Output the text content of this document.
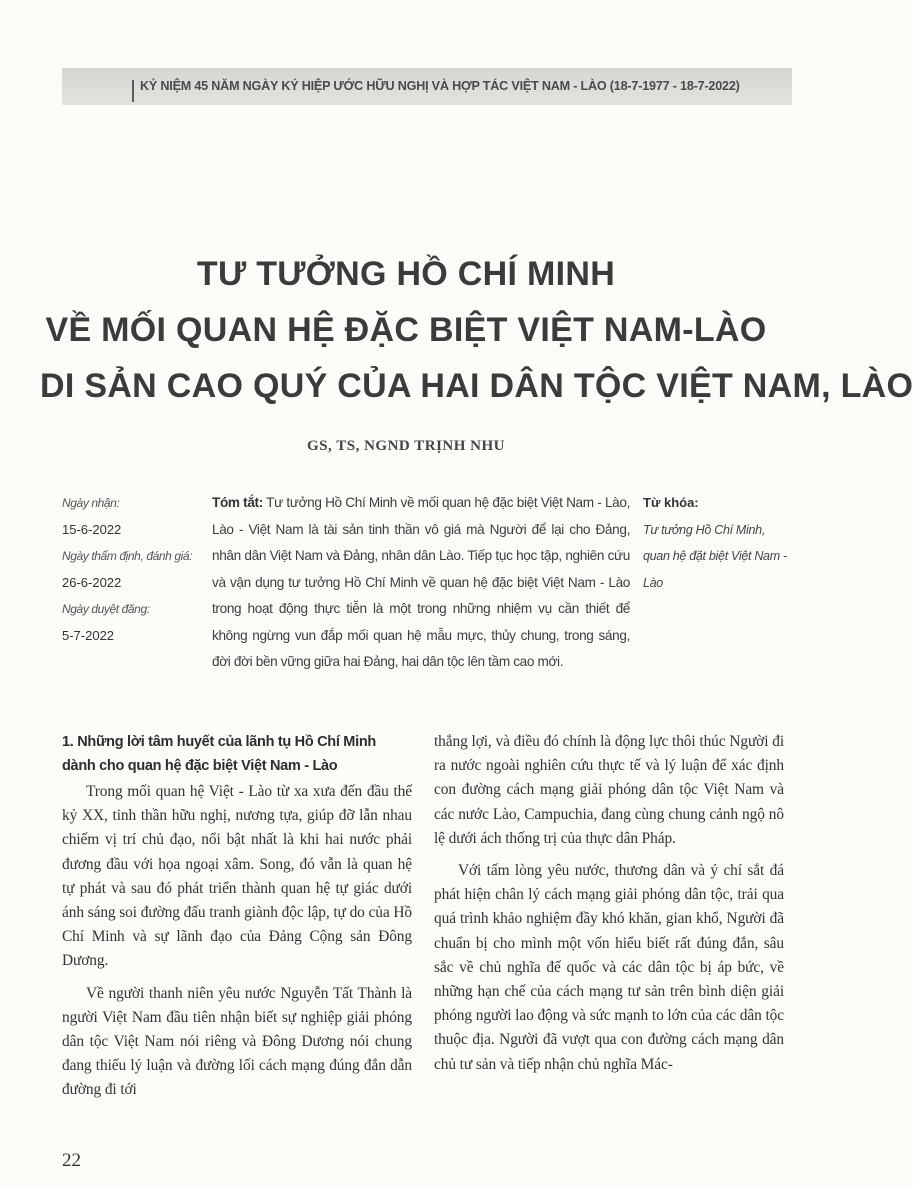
KỶ NIỆM 45 NĂM NGÀY KÝ HIỆP ƯỚC HỮU NGHỊ VÀ HỢP TÁC VIỆT NAM - LÀO (18-7-1977 - 18-7-2022)
TƯ TƯỞNG HỒ CHÍ MINH
VỀ MỐI QUAN HỆ ĐẶC BIỆT VIỆT NAM-LÀO
DI SẢN CAO QUÝ CỦA HAI DÂN TỘC VIỆT NAM, LÀO
GS, TS, NGND TRỊNH NHU
Ngày nhận:
15-6-2022
Ngày thẩm định, đánh giá:
26-6-2022
Ngày duyệt đăng:
5-7-2022
Tóm tắt: Tư tưởng Hồ Chí Minh về mối quan hệ đặc biệt Việt Nam - Lào, Lào - Việt Nam là tài sản tinh thần vô giá mà Người để lại cho Đảng, nhân dân Việt Nam và Đảng, nhân dân Lào. Tiếp tục học tập, nghiên cứu và vận dụng tư tưởng Hồ Chí Minh về quan hệ đặc biệt Việt Nam - Lào trong hoạt động thực tiễn là một trong những nhiệm vụ cần thiết để không ngừng vun đắp mối quan hệ mẫu mực, thủy chung, trong sáng, đời đời bền vững giữa hai Đảng, hai dân tộc lên tầm cao mới.
Từ khóa:
Tư tưởng Hồ Chí Minh, quan hệ đặt biệt Việt Nam - Lào
1. Những lời tâm huyết của lãnh tụ Hồ Chí Minh dành cho quan hệ đặc biệt Việt Nam - Lào

Trong mối quan hệ Việt - Lào từ xa xưa đến đầu thế kỷ XX, tinh thần hữu nghị, nương tựa, giúp đỡ lẫn nhau chiếm vị trí chủ đạo, nổi bật nhất là khi hai nước phải đương đầu với họa ngoại xâm. Song, đó vẫn là quan hệ tự phát và sau đó phát triển thành quan hệ tự giác dưới ánh sáng soi đường đấu tranh giành độc lập, tự do của Hồ Chí Minh và sự lãnh đạo của Đảng Cộng sản Đông Dương.

Về người thanh niên yêu nước Nguyễn Tất Thành là người Việt Nam đầu tiên nhận biết sự nghiệp giải phóng dân tộc Việt Nam nói riêng và Đông Dương nói chung đang thiếu lý luận và đường lối cách mạng đúng đắn dẫn đường đi tới

thắng lợi, và điều đó chính là động lực thôi thúc Người đi ra nước ngoài nghiên cứu thực tế và lý luận để xác định con đường cách mạng giải phóng dân tộc Việt Nam và các nước Lào, Campuchia, đang cùng chung cảnh ngộ nô lệ dưới ách thống trị của thực dân Pháp.

Với tấm lòng yêu nước, thương dân và ý chí sắt đá phát hiện chân lý cách mạng giải phóng dân tộc, trải qua quá trình khảo nghiệm đầy khó khăn, gian khổ, Người đã chuẩn bị cho mình một vốn hiểu biết rất đúng đắn, sâu sắc về chủ nghĩa đế quốc và các dân tộc bị áp bức, về những hạn chế của cách mạng tư sản trên bình diện giải phóng người lao động và sức mạnh to lớn của các dân tộc thuộc địa. Người đã vượt qua con đường cách mạng dân chủ tư sản và tiếp nhận chủ nghĩa Mác-

22
